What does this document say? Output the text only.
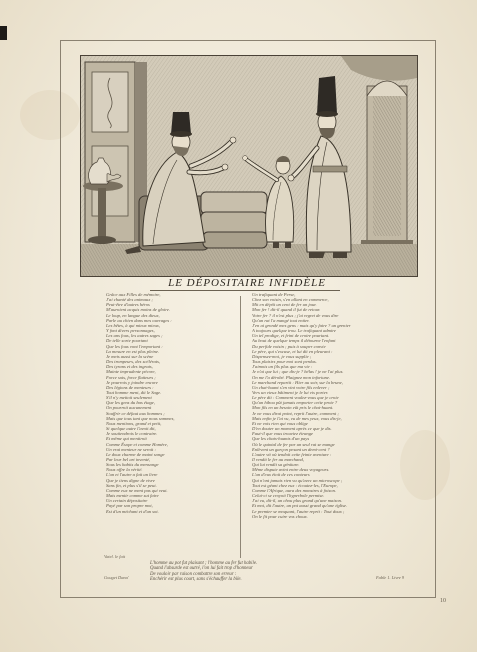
LE DÉPOSITAIRE INFIDÈLE
Grâce aux Filles de mémoire,
J'ai chanté des animaux ;
Peut-être d'autres héros
M'auroient acquis moins de gloire.
Le loup, en langue des dieux,
Parle au chien dans mes ouvrages :
Les bêtes, à qui mieux mieux,
Y font divers personnages,
Les uns fous, les autres sages ;
De telle sorte pourtant
Que les fous vont l'emportant :
La mesure en est plus pleine.
Je mets aussi sur la scène
Des trompeurs, des scélérats,
Des tyrans et des ingrats,
Mainte imprudente pécore,
Force sots, force flatteurs ;
Je pourrois y joindre encore
Des légions de menteurs :
Tout homme ment, dit le Sage.
S'il n'y mettoit seulement
Que les gens du bas étage,
On pourroit aucunement
Souffrir ce défaut aux hommes ;
Mais que tous tant que nous sommes,
Nous mentions, grand et petit,
Si quelque autre l'avoit dit,
Je soutiendrois le contraire.
Et même qui mentiroit
Comme Ésope et comme Homère,
Un vrai menteur ne seroit :
Le doux charme de maint songe
Par leur bel art inventé,
Sous les habits du mensonge
Nous offre la vérité.
L'un et l'autre a fait un livre
Que je tiens digne de vivre
Sans fin, et plus s'il se peut.
Comme eux ne ment pas qui veut.
Mais mentir comme sut faire
Un certain dépositaire
Payé par son propre mot,
Est d'un méchant et d'un sot.
Un trafiquant de Perse,
Chez son voisin, s'en allant en commerce,
Mit en dépôt un cent de fer un jour.
Mon fer ! dit-il quand il fut de retour.
Votre fer ? il n'est plus ; j'ai regret de vous dire
Qu'un rat l'a mangé tout entier.
J'en ai grondé mes gens : mais qu'y faire ? un grenier
A toujours quelque trou. Le trafiquant admire
Un tel prodige, et feint de croire pourtant.
Au bout de quelque temps il détourne l'enfant
Du perfide voisin ; puis à souper convie
Le père, qui s'excuse, et lui dit en pleurant :
Dispensez-moi, je vous supplie ;
Tous plaisirs pour moi sont perdus.
J'aimois un fils plus que ma vie :
Je n'ai que lui ; que dis-je ? hélas ! je ne l'ai plus.
On me l'a dérobé. Plaignez mon infortune.
Le marchand repartit : Hier au soir, sur la brune,
Un chat-huant s'en vint votre fils enlever ;
Vers un vieux bâtiment je le lui vis porter.
Le père dit : Comment voulez-vous que je croie
Qu'un hibou pût jamais emporter cette proie ?
Mon fils en un besoin eût pris le chat-huant.
Je ne vous dirai point, reprit l'autre, comment ;
Mais enfin je l'ai vu, vu de mes yeux, vous dis-je,
Et ne vois rien qui vous oblige
D'en douter un moment après ce que je dis.
Faut-il que vous trouviez étrange
Que les chats-huants d'un pays
Où le quintal de fer par un seul rat se mange
Enlèvent un garçon pesant un demi-cent ?
L'autre vit où tendoit cette feinte aventure :
Il rendit le fer au marchand,
Qui lui rendit sa géniture.
Même dispute avint entre deux voyageurs.
L'un d'eux étoit de ces conteurs
Qui n'ont jamais rien vu qu'avec un microscope ;
Tout est géant chez eux : écoutez-les, l'Europe,
Comme l'Afrique, aura des monstres à foison.
Celui-ci se croyoit l'hyperbole permise.
J'ai vu, dit-il, un chou plus grand qu'une maison.
Et moi, dit l'autre, un pot aussi grand qu'une église.
Le premier se moquant, l'autre reprit : Tout doux ;
On le fit pour cuire vos choux.
L'homme au pot fut plaisant ; l'homme au fer fut habile.
Quand l'absurde est outré, l'on lui fait trop d'honneur
De vouloir par raison combattre son erreur :
Enchérir est plus court, sans s'échauffer la bile.
Vatel. le fait
Gouget Dana'	Fable 1. Livre 9
10
